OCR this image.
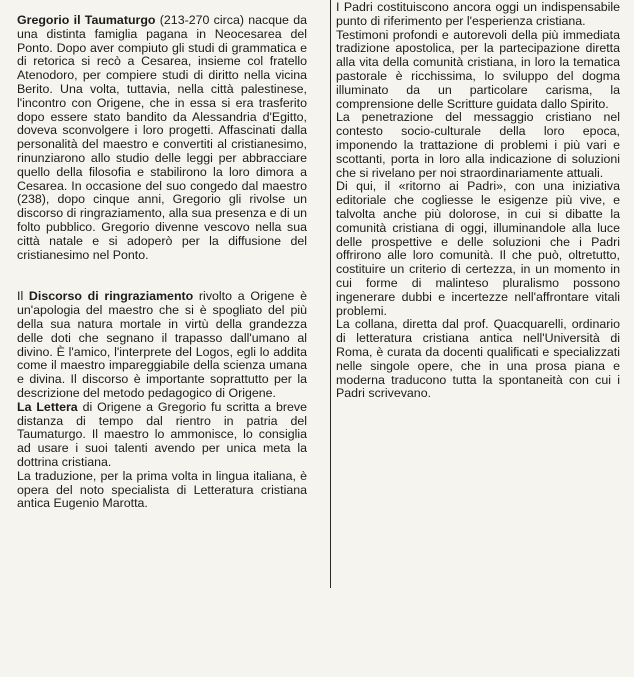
Gregorio il Taumaturgo (213-270 circa) nacque da una distinta famiglia pagana in Neocesarea del Ponto. Dopo aver compiuto gli studi di grammatica e di retorica si recò a Cesarea, insieme col fratello Atenodoro, per compiere studi di diritto nella vicina Berito. Una volta, tuttavia, nella città palestinese, l'incontro con Origene, che in essa si era trasferito dopo essere stato bandito da Alessandria d'Egitto, doveva sconvolgere i loro progetti. Affascinati dalla personalità del maestro e convertiti al cristianesimo, rinunziarono allo studio delle leggi per abbracciare quello della filosofia e stabilirono la loro dimora a Cesarea. In occasione del suo congedo dal maestro (238), dopo cinque anni, Gregorio gli rivolse un discorso di ringraziamento, alla sua presenza e di un folto pubblico. Gregorio divenne vescovo nella sua città natale e si adoperò per la diffusione del cristianesimo nel Ponto.

Il Discorso di ringraziamento rivolto a Origene è un'apologia del maestro che si è spogliato del più della sua natura mortale in virtù della grandezza delle doti che segnano il trapasso dall'umano al divino. È l'amico, l'interprete del Logos, egli lo addita come il maestro impareggiabile della scienza umana e divina. Il discorso è importante soprattutto per la descrizione del metodo pedagogico di Origene.

La Lettera di Origene a Gregorio fu scritta a breve distanza di tempo dal rientro in patria del Taumaturgo. Il maestro lo ammonisce, lo consiglia ad usare i suoi talenti avendo per unica meta la dottrina cristiana.

La traduzione, per la prima volta in lingua italiana, è opera del noto specialista di Letteratura cristiana antica Eugenio Marotta.

I Padri costituiscono ancora oggi un indispensabile punto di riferimento per l'esperienza cristiana.

Testimoni profondi e autorevoli della più immediata tradizione apostolica, per la partecipazione diretta alla vita della comunità cristiana, in loro la tematica pastorale è ricchissima, lo sviluppo del dogma illuminato da un particolare carisma, la comprensione delle Scritture guidata dallo Spirito.

La penetrazione del messaggio cristiano nel contesto socio-culturale della loro epoca, imponendo la trattazione di problemi i più vari e scottanti, porta in loro alla indicazione di soluzioni che si rivelano per noi straordinariamente attuali.

Di qui, il «ritorno ai Padri», con una iniziativa editoriale che cogliesse le esigenze più vive, e talvolta anche più dolorose, in cui si dibatte la comunità cristiana di oggi, illuminandole alla luce delle prospettive e delle soluzioni che i Padri offrirono alle loro comunità. Il che può, oltretutto, costituire un criterio di certezza, in un momento in cui forme di malinteso pluralismo possono ingenerare dubbi e incertezze nell'affrontare vitali problemi.

La collana, diretta dal prof. Quacquarelli, ordinario di letteratura cristiana antica nell'Università di Roma, è curata da docenti qualificati e specializzati nelle singole opere, che in una prosa piana e moderna traducono tutta la spontaneità con cui i Padri scrivevano.
